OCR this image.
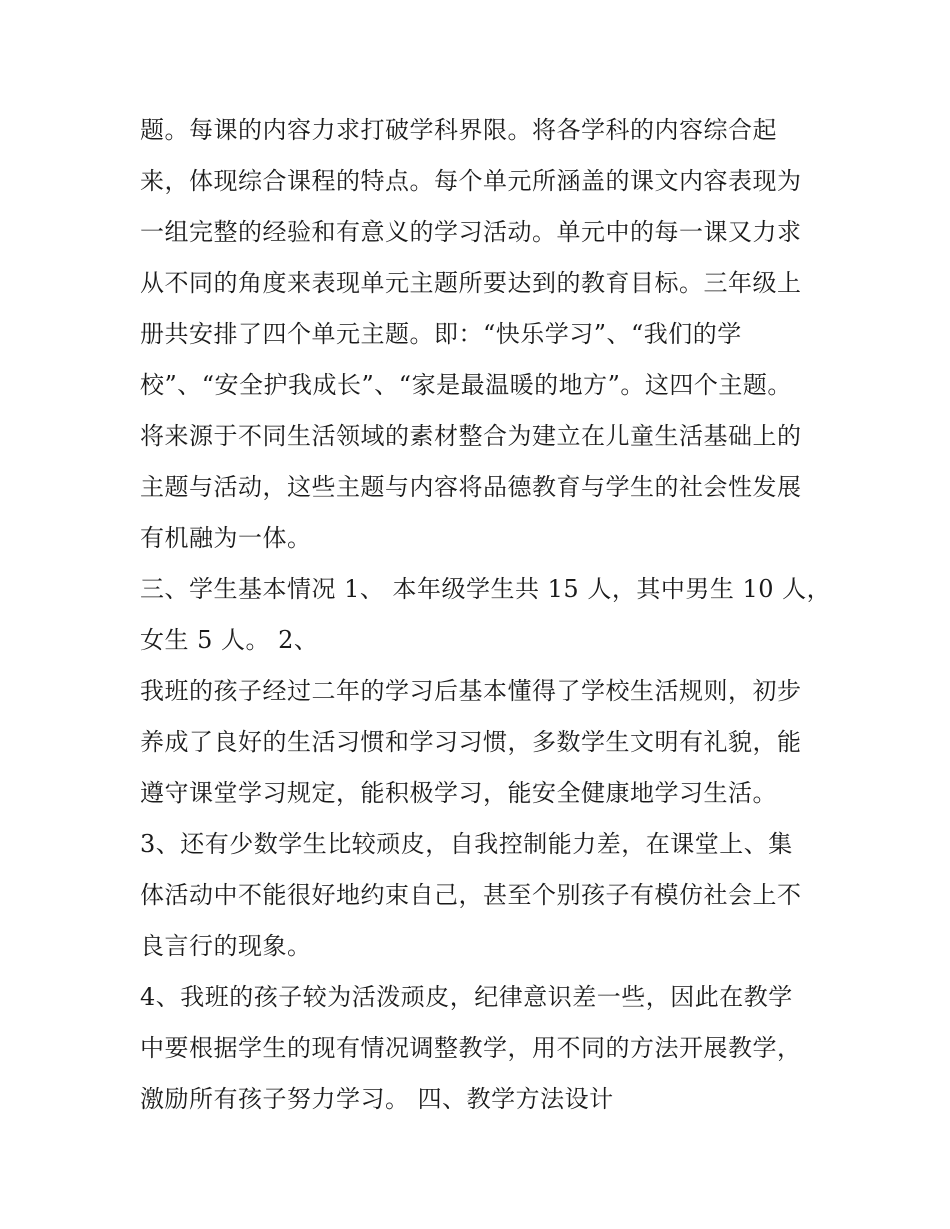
题。每课的内容力求打破学科界限。将各学科的内容综合起
来，体现综合课程的特点。每个单元所涵盖的课文内容表现为
一组完整的经验和有意义的学习活动。单元中的每一课又力求
从不同的角度来表现单元主题所要达到的教育目标。三年级上
册共安排了四个单元主题。即：“快乐学习”、“我们的学
校”、“安全护我成长”、“家是最温暖的地方”。这四个主题。
将来源于不同生活领域的素材整合为建立在儿童生活基础上的
主题与活动，这些主题与内容将品德教育与学生的社会性发展
有机融为一体。
三、学生基本情况 1、 本年级学生共 15 人，其中男生 10 人，
女生 5 人。 2、
我班的孩子经过二年的学习后基本懂得了学校生活规则，初步
养成了良好的生活习惯和学习习惯，多数学生文明有礼貌，能
遵守课堂学习规定，能积极学习，能安全健康地学习生活。
3、还有少数学生比较顽皮，自我控制能力差，在课堂上、集
体活动中不能很好地约束自己，甚至个别孩子有模仿社会上不
良言行的现象。
4、我班的孩子较为活泼顽皮，纪律意识差一些，因此在教学
中要根据学生的现有情况调整教学，用不同的方法开展教学，
激励所有孩子努力学习。 四、教学方法设计
